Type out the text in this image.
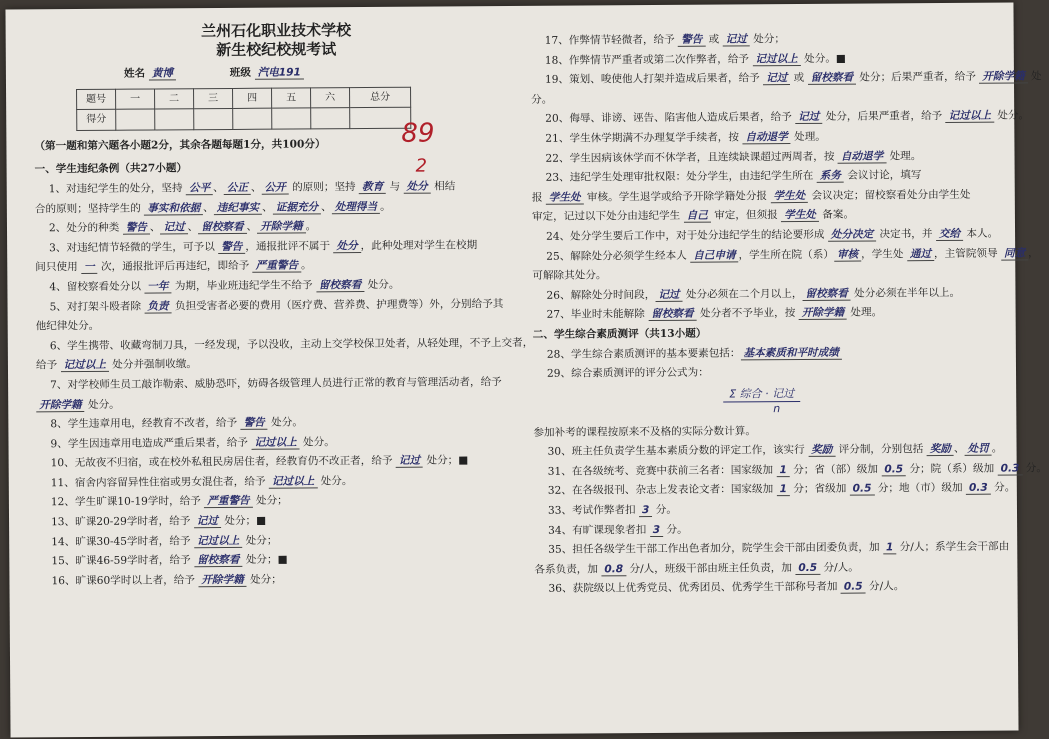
兰州石化职业技术学校
新生校纪校规考试
姓名 黄博	班级 汽电191
题号	一	二	三	四	五	六	总分
得分							
（第一题和第六题各小题2分，其余各题每题1分，共100分）
一、学生违纪条例（共27小题）
1、对违纪学生的处分，坚持 公平 、 公正 、 公开 的原则；坚持 教育 与 处分 相结
合的原则；坚持学生的 事实和依据 、 违纪事实 、 证据充分 、 处理得当 。
2、处分的种类 警告 、 记过 、 留校察看 、 开除学籍 。
3、对违纪情节轻微的学生，可予以 警告 ，通报批评不属于 处分 ，此种处理对学生在校期
间只使用 一 次，通报批评后再违纪，即给予 严重警告 。
4、留校察看处分以 一年 为期，毕业班违纪学生不给予 留校察看 处分。
5、对打架斗殴者除 负责 负担受害者必要的费用（医疗费、营养费、护理费等）外，分别给予其
他纪律处分。
6、学生携带、收藏弯制刀具，一经发现，予以没收，主动上交学校保卫处者，从轻处理，不予上交者，
给予 记过以上 处分并强制收缴。
7、对学校师生员工敲诈勒索、威胁恐吓，妨碍各级管理人员进行正常的教育与管理活动者，给予
开除学籍 处分。
8、学生违章用电，经教育不改者，给予 警告 处分。
9、学生因违章用电造成严重后果者，给予 记过以上 处分。
10、无故夜不归宿，或在校外私租民房居住者，经教育仍不改正者，给予 记过 处分；■
11、宿舍内容留异性住宿或男女混住者，给予 记过以上 处分。
12、学生旷课10-19学时，给予 严重警告 处分；
13、旷课20-29学时者，给予 记过 处分；■
14、旷课30-45学时者，给予 记过以上 处分；
15、旷课46-59学时者，给予 留校察看 处分；■
16、旷课60学时以上者，给予 开除学籍 处分；
89
2
17、作弊情节轻微者，给予 警告 或 记过 处分；
18、作弊情节严重者或第二次作弊者，给予 记过以上 处分。■
19、策划、唆使他人打架并造成后果者，给予 记过 或 留校察看 处分；后果严重者，给予 开除学籍 处
分。
20、侮辱、诽谤、诬告、陷害他人造成后果者，给予 记过 处分，后果严重者，给予 记过以上 处分。
21、学生休学期满不办理复学手续者，按 自动退学 处理。
22、学生因病该休学而不休学者，且连续缺课超过两周者，按 自动退学 处理。
23、违纪学生处理审批权限：处分学生，由违纪学生所在 系务 会议讨论，填写
报 学生处 审核。学生退学或给予开除学籍处分报 学生处 会议决定；留校察看处分由学生处
审定，记过以下处分由违纪学生 自己 审定，但须报 学生处 备案。
24、处分学生要后工作中，对于处分违纪学生的结论要形成 处分决定 决定书，并 交给 本人。
25、解除处分必须学生经本人 自己申请 ，学生所在院（系） 审核 ，学生处 通过 ，主管院领导 同意 ，
可解除其处分。
26、解除处分时间段， 记过 处分必须在二个月以上， 留校察看 处分必须在半年以上。
27、毕业时未能解除 留校察看 处分者不予毕业，按 开除学籍 处理。
二、学生综合素质测评（共13小题）
28、学生综合素质测评的基本要素包括： 基本素质和平时成绩
29、综合素质测评的评分公式为：
Σ 综合 · 记过
n
参加补考的课程按原来不及格的实际分数计算。
30、班主任负责学生基本素质分数的评定工作，该实行 奖励 评分制，分别包括 奖励 、 处罚 。
31、在各级统考、竞赛中获前三名者：国家级加 1 分；省（部）级加 0.5 分；院（系）级加 0.3 分。
32、在各级报刊、杂志上发表论文者：国家级加 1 分；省级加 0.5 分；地（市）级加 0.3 分。
33、考试作弊者扣 3 分。
34、有旷课现象者扣 3 分。
35、担任各级学生干部工作出色者加分，院学生会干部由团委负责，加 1 分/人；系学生会干部由
各系负责，加 0.8 分/人，班级干部由班主任负责，加 0.5 分/人。
36、获院级以上优秀党员、优秀团员、优秀学生干部称号者加 0.5 分/人。
